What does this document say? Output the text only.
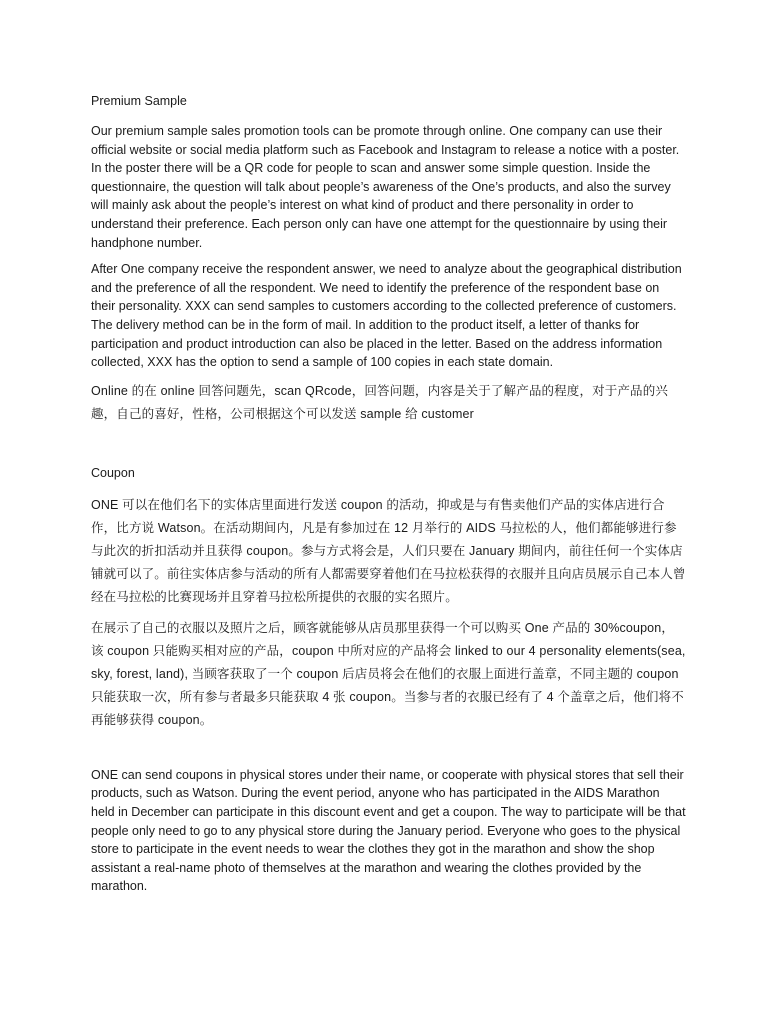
Premium Sample

Our premium sample sales promotion tools can be promote through online. One company can use their official website or social media platform such as Facebook and Instagram to release a notice with a poster. In the poster there will be a QR code for people to scan and answer some simple question. Inside the questionnaire, the question will talk about people’s awareness of the One’s products, and also the survey will mainly ask about the people’s interest on what kind of product and there personality in order to understand their preference. Each person only can have one attempt for the questionnaire by using their handphone number.

After One company receive the respondent answer, we need to analyze about the geographical distribution and the preference of all the respondent. We need to identify the preference of the respondent base on their personality. XXX can send samples to customers according to the collected preference of customers. The delivery method can be in the form of mail. In addition to the product itself, a letter of thanks for participation and product introduction can also be placed in the letter. Based on the address information collected, XXX has the option to send a sample of 100 copies in each state domain.

Online 的在 online 回答问题先，scan QRcode，回答问题，内容是关于了解产品的程度，对于产品的兴趣，自己的喜好，性格，公司根据这个可以发送 sample 给 customer

Coupon

ONE 可以在他们名下的实体店里面进行发送 coupon 的活动，抑或是与有售卖他们产品的实体店进行合作，比方说 Watson。在活动期间内，凡是有参加过在 12 月举行的 AIDS 马拉松的人，他们都能够进行参与此次的折扣活动并且获得 coupon。参与方式将会是，人们只要在 January 期间内，前往任何一个实体店铺就可以了。前往实体店参与活动的所有人都需要穿着他们在马拉松获得的衣服并且向店员展示自己本人曾经在马拉松的比赛现场并且穿着马拉松所提供的衣服的实名照片。

在展示了自己的衣服以及照片之后，顾客就能够从店员那里获得一个可以购买 One 产品的 30%coupon，该 coupon 只能购买相对应的产品，coupon 中所对应的产品将会 linked to our 4 personality elements(sea, sky, forest, land), 当顾客获取了一个 coupon 后店员将会在他们的衣服上面进行盖章，不同主题的 coupon 只能获取一次，所有参与者最多只能获取 4 张 coupon。当参与者的衣服已经有了 4 个盖章之后，他们将不再能够获得 coupon。

ONE can send coupons in physical stores under their name, or cooperate with physical stores that sell their products, such as Watson. During the event period, anyone who has participated in the AIDS Marathon held in December can participate in this discount event and get a coupon. The way to participate will be that people only need to go to any physical store during the January period. Everyone who goes to the physical store to participate in the event needs to wear the clothes they got in the marathon and show the shop assistant a real-name photo of themselves at the marathon and wearing the clothes provided by the marathon.
